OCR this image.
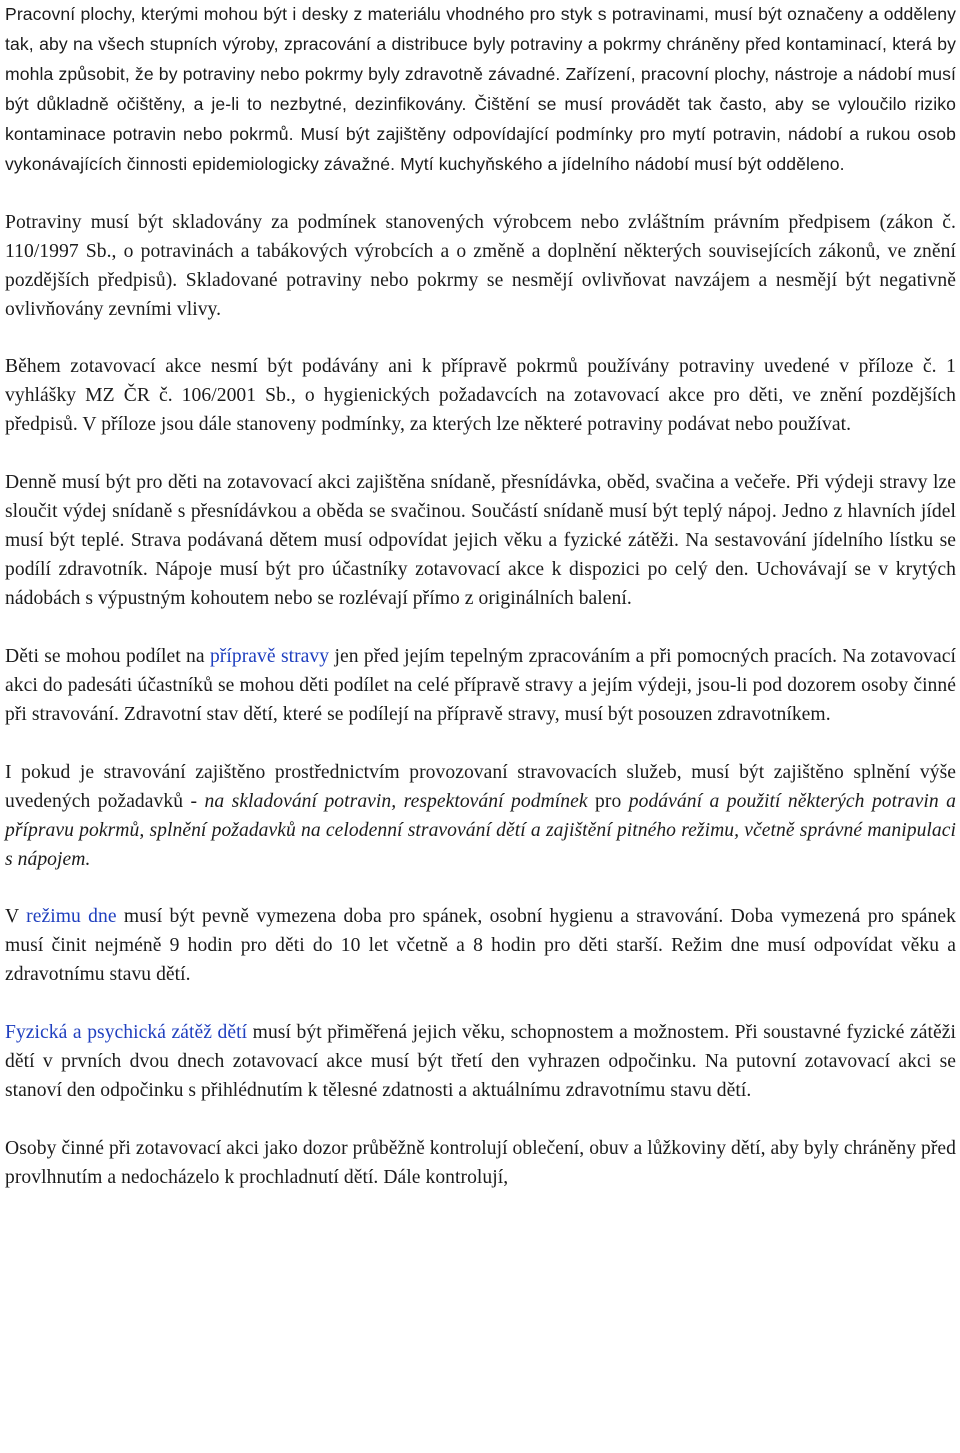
Pracovní plochy, kterými mohou být i desky z materiálu vhodného pro styk s potravinami, musí být označeny a odděleny tak, aby na všech stupních výroby, zpracování a distribuce byly potraviny a pokrmy chráněny před kontaminací, která by mohla způsobit, že by potraviny nebo pokrmy byly zdravotně závadné. Zařízení, pracovní plochy, nástroje a nádobí musí být důkladně očištěny, a je-li to nezbytné, dezinfikovány. Čištění se musí provádět tak často, aby se vyloučilo riziko kontaminace potravin nebo pokrmů. Musí být zajištěny odpovídající podmínky pro mytí potravin, nádobí a rukou osob vykonávajících činnosti epidemiologicky závažné. Mytí kuchyňského a jídelního nádobí musí být odděleno.

Potraviny musí být skladovány za podmínek stanovených výrobcem nebo zvláštním právním předpisem (zákon č. 110/1997 Sb., o potravinách a tabákových výrobcích a o změně a doplnění některých souvisejících zákonů, ve znění pozdějších předpisů). Skladované potraviny nebo pokrmy se nesmějí ovlivňovat navzájem a nesmějí být negativně ovlivňovány zevními vlivy.

Během zotavovací akce nesmí být podávány ani k přípravě pokrmů používány potraviny uvedené v příloze č. 1 vyhlášky MZ ČR č. 106/2001 Sb., o hygienických požadavcích na zotavovací akce pro děti, ve znění pozdějších předpisů. V příloze jsou dále stanoveny podmínky, za kterých lze některé potraviny podávat nebo používat.

Denně musí být pro děti na zotavovací akci zajištěna snídaně, přesnídávka, oběd, svačina a večeře. Při výdeji stravy lze sloučit výdej snídaně s přesnídávkou a oběda se svačinou. Součástí snídaně musí být teplý nápoj. Jedno z hlavních jídel musí být teplé. Strava podávaná dětem musí odpovídat jejich věku a fyzické zátěži. Na sestavování jídelního lístku se podílí zdravotník. Nápoje musí být pro účastníky zotavovací akce k dispozici po celý den. Uchovávají se v krytých nádobách s výpustným kohoutem nebo se rozlévají přímo z originálních balení.

Děti se mohou podílet na přípravě stravy jen před jejím tepelným zpracováním a při pomocných pracích. Na zotavovací akci do padesáti účastníků se mohou děti podílet na celé přípravě stravy a jejím výdeji, jsou-li pod dozorem osoby činné při stravování. Zdravotní stav dětí, které se podílejí na přípravě stravy, musí být posouzen zdravotníkem.

I pokud je stravování zajištěno prostřednictvím provozovaní stravovacích služeb, musí být zajištěno splnění výše uvedených požadavků - na skladování potravin, respektování podmínek pro podávání a použití některých potravin a přípravu pokrmů, splnění požadavků na celodenní stravování dětí a zajištění pitného režimu, včetně správné manipulaci s nápojem.

V režimu dne musí být pevně vymezena doba pro spánek, osobní hygienu a stravování. Doba vymezená pro spánek musí činit nejméně 9 hodin pro děti do 10 let včetně a 8 hodin pro děti starší. Režim dne musí odpovídat věku a zdravotnímu stavu dětí.

Fyzická a psychická zátěž dětí musí být přiměřená jejich věku, schopnostem a možnostem. Při soustavné fyzické zátěži dětí v prvních dvou dnech zotavovací akce musí být třetí den vyhrazen odpočinku. Na putovní zotavovací akci se stanoví den odpočinku s přihlédnutím k tělesné zdatnosti a aktuálnímu zdravotnímu stavu dětí.

Osoby činné při zotavovací akci jako dozor průběžně kontrolují oblečení, obuv a lůžkoviny dětí, aby byly chráněny před provlhnutím a nedocházelo k prochladnutí dětí. Dále kontrolují,
